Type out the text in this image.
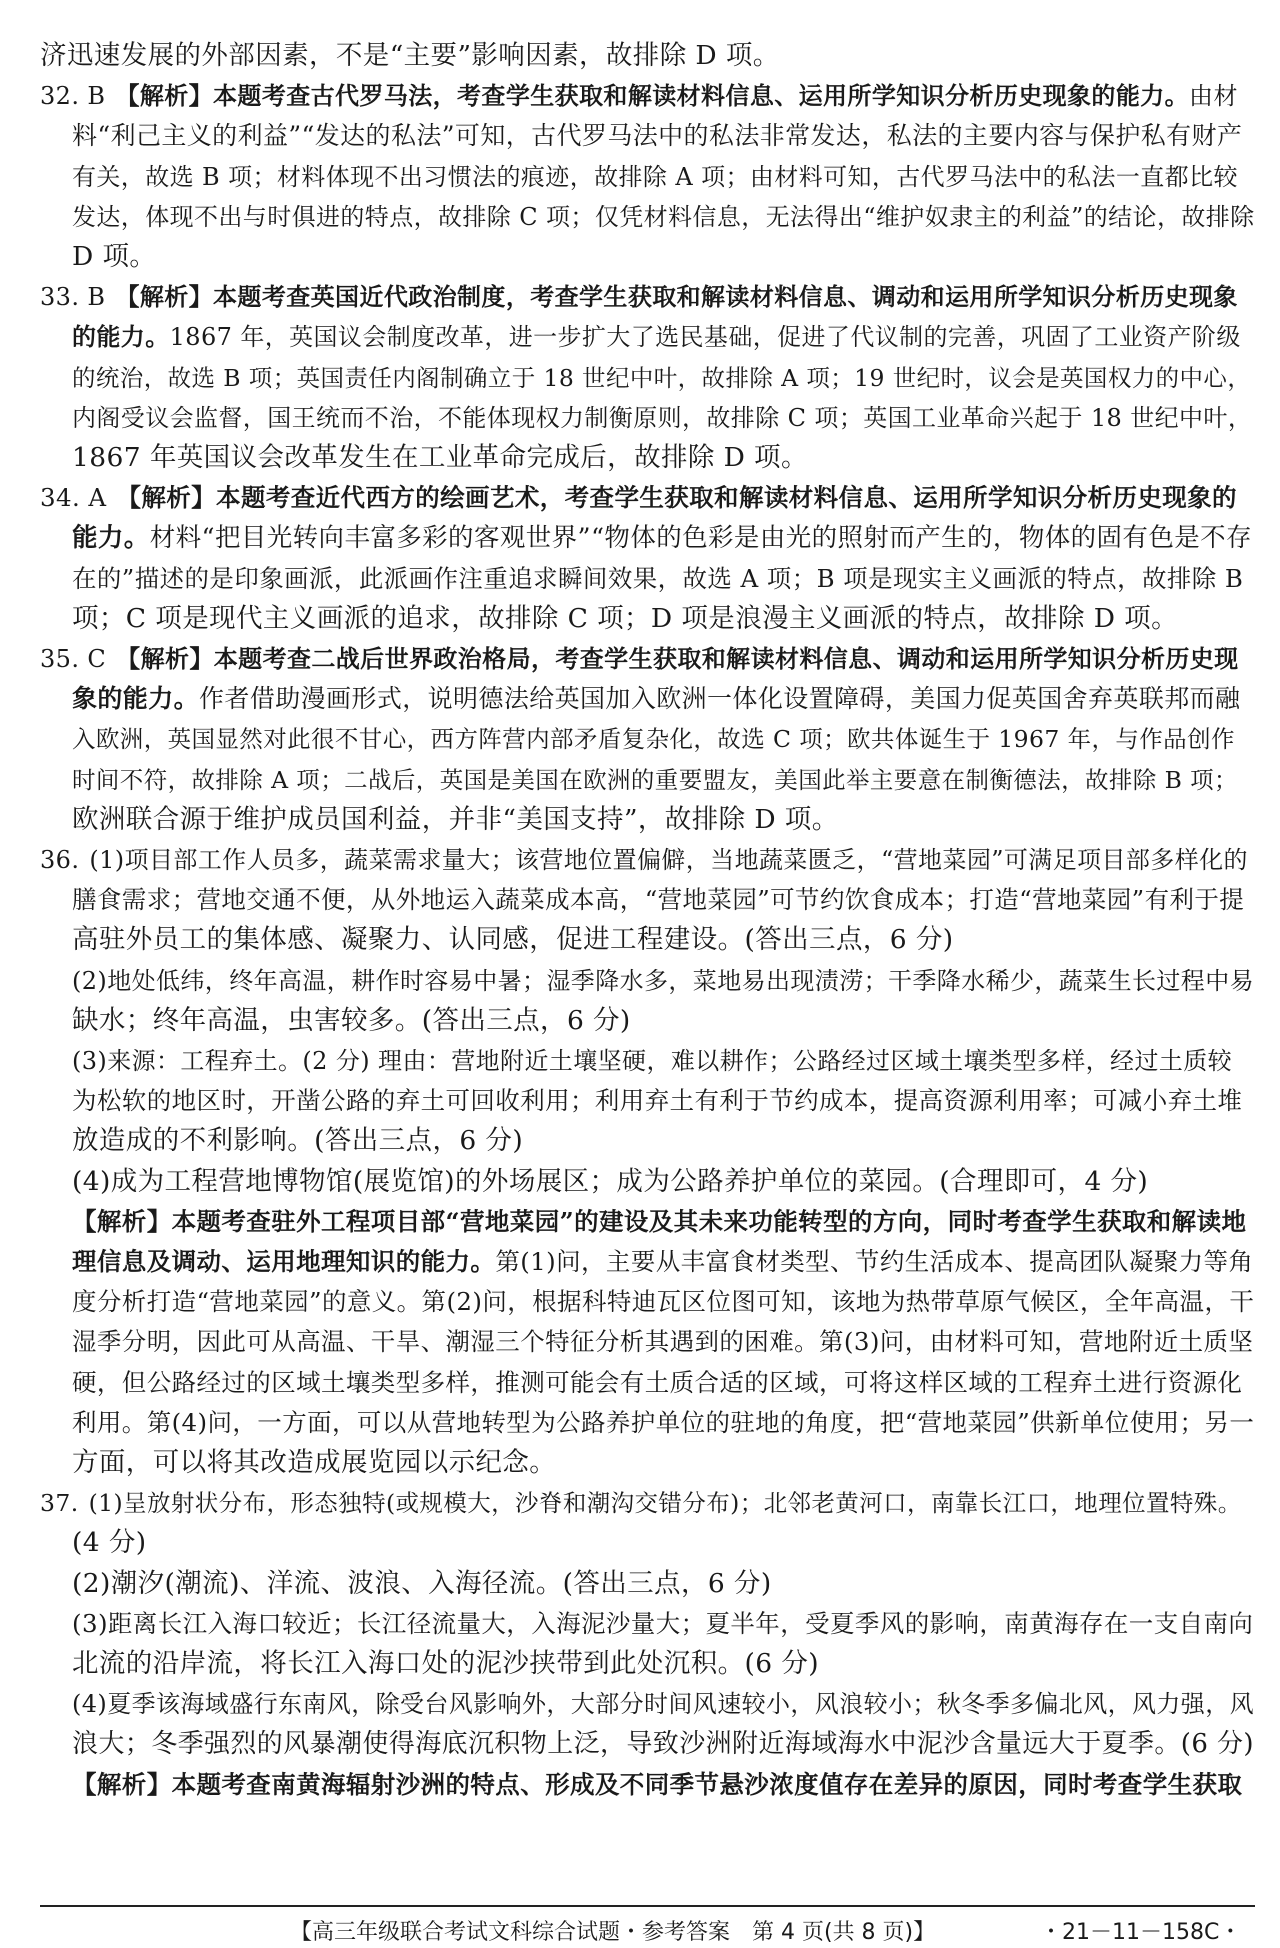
【高三年级联合考试文科综合试题・参考答案　第 4 页(共 8 页)】	・21－11－158C・
济迅速发展的外部因素，不是“主要”影响因素，故排除 D 项。
32. B 【解析】本题考查古代罗马法，考查学生获取和解读材料信息、运用所学知识分析历史现象的能力。由材
料“利己主义的利益”“发达的私法”可知，古代罗马法中的私法非常发达，私法的主要内容与保护私有财产
有关，故选 B 项；材料体现不出习惯法的痕迹，故排除 A 项；由材料可知，古代罗马法中的私法一直都比较
发达，体现不出与时俱进的特点，故排除 C 项；仅凭材料信息，无法得出“维护奴隶主的利益”的结论，故排除
D 项。
33. B 【解析】本题考查英国近代政治制度，考查学生获取和解读材料信息、调动和运用所学知识分析历史现象
的能力。1867 年，英国议会制度改革，进一步扩大了选民基础，促进了代议制的完善，巩固了工业资产阶级
的统治，故选 B 项；英国责任内阁制确立于 18 世纪中叶，故排除 A 项；19 世纪时，议会是英国权力的中心，
内阁受议会监督，国王统而不治，不能体现权力制衡原则，故排除 C 项；英国工业革命兴起于 18 世纪中叶，
1867 年英国议会改革发生在工业革命完成后，故排除 D 项。
34. A 【解析】本题考查近代西方的绘画艺术，考查学生获取和解读材料信息、运用所学知识分析历史现象的
能力。材料“把目光转向丰富多彩的客观世界”“物体的色彩是由光的照射而产生的，物体的固有色是不存
在的”描述的是印象画派，此派画作注重追求瞬间效果，故选 A 项；B 项是现实主义画派的特点，故排除 B
项；C 项是现代主义画派的追求，故排除 C 项；D 项是浪漫主义画派的特点，故排除 D 项。
35. C 【解析】本题考查二战后世界政治格局，考查学生获取和解读材料信息、调动和运用所学知识分析历史现
象的能力。作者借助漫画形式，说明德法给英国加入欧洲一体化设置障碍，美国力促英国舍弃英联邦而融
入欧洲，英国显然对此很不甘心，西方阵营内部矛盾复杂化，故选 C 项；欧共体诞生于 1967 年，与作品创作
时间不符，故排除 A 项；二战后，英国是美国在欧洲的重要盟友，美国此举主要意在制衡德法，故排除 B 项；
欧洲联合源于维护成员国利益，并非“美国支持”，故排除 D 项。
36. (1)项目部工作人员多，蔬菜需求量大；该营地位置偏僻，当地蔬菜匮乏，“营地菜园”可满足项目部多样化的
膳食需求；营地交通不便，从外地运入蔬菜成本高，“营地菜园”可节约饮食成本；打造“营地菜园”有利于提
高驻外员工的集体感、凝聚力、认同感，促进工程建设。(答出三点，6 分)
(2)地处低纬，终年高温，耕作时容易中暑；湿季降水多，菜地易出现渍涝；干季降水稀少，蔬菜生长过程中易
缺水；终年高温，虫害较多。(答出三点，6 分)
(3)来源：工程弃土。(2 分) 理由：营地附近土壤坚硬，难以耕作；公路经过区域土壤类型多样，经过土质较
为松软的地区时，开凿公路的弃土可回收利用；利用弃土有利于节约成本，提高资源利用率；可减小弃土堆
放造成的不利影响。(答出三点，6 分)
(4)成为工程营地博物馆(展览馆)的外场展区；成为公路养护单位的菜园。(合理即可，4 分)
【解析】本题考查驻外工程项目部“营地菜园”的建设及其未来功能转型的方向，同时考查学生获取和解读地
理信息及调动、运用地理知识的能力。第(1)问，主要从丰富食材类型、节约生活成本、提高团队凝聚力等角
度分析打造“营地菜园”的意义。第(2)问，根据科特迪瓦区位图可知，该地为热带草原气候区，全年高温，干
湿季分明，因此可从高温、干旱、潮湿三个特征分析其遇到的困难。第(3)问，由材料可知，营地附近土质坚
硬，但公路经过的区域土壤类型多样，推测可能会有土质合适的区域，可将这样区域的工程弃土进行资源化
利用。第(4)问，一方面，可以从营地转型为公路养护单位的驻地的角度，把“营地菜园”供新单位使用；另一
方面，可以将其改造成展览园以示纪念。
37. (1)呈放射状分布，形态独特(或规模大，沙脊和潮沟交错分布)；北邻老黄河口，南靠长江口，地理位置特殊。
(4 分)
(2)潮汐(潮流)、洋流、波浪、入海径流。(答出三点，6 分)
(3)距离长江入海口较近；长江径流量大，入海泥沙量大；夏半年，受夏季风的影响，南黄海存在一支自南向
北流的沿岸流，将长江入海口处的泥沙挟带到此处沉积。(6 分)
(4)夏季该海域盛行东南风，除受台风影响外，大部分时间风速较小，风浪较小；秋冬季多偏北风，风力强，风
浪大；冬季强烈的风暴潮使得海底沉积物上泛，导致沙洲附近海域海水中泥沙含量远大于夏季。(6 分)
【解析】本题考查南黄海辐射沙洲的特点、形成及不同季节悬沙浓度值存在差异的原因，同时考查学生获取
